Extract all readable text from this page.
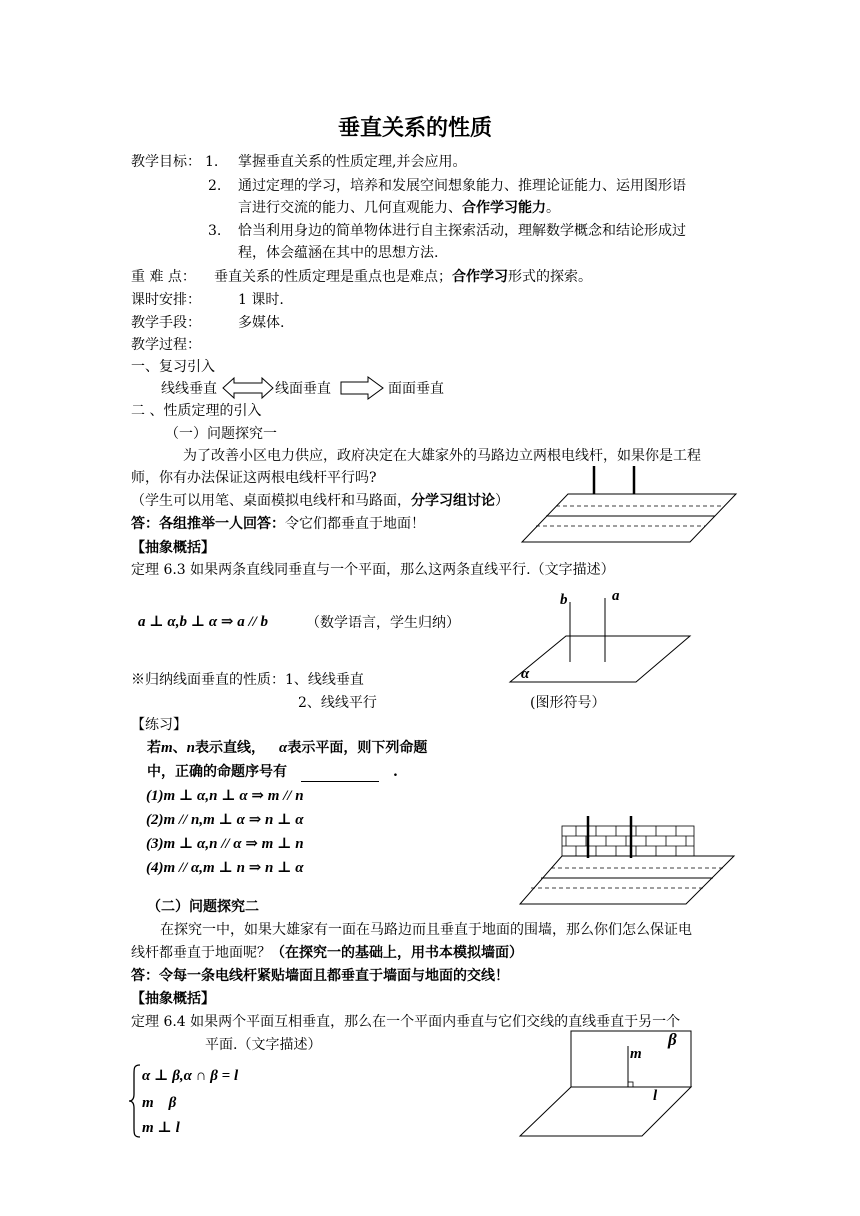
垂直关系的性质
教学目标： 1. 掌握垂直关系的性质定理,并会应用。
2. 通过定理的学习，培养和发展空间想象能力、推理论证能力、运用图形语
言进行交流的能力、几何直观能力、合作学习能力。
3. 恰当利用身边的简单物体进行自主探索活动，理解数学概念和结论形成过
程，体会蕴涵在其中的思想方法.
重 难 点： 垂直关系的性质定理是重点也是难点；合作学习形式的探索。
课时安排：	1 课时.
教学手段：	多媒体.
教学过程：
一、复习引入
线线垂直	线面垂直	面面垂直
二 、性质定理的引入
（一）问题探究一
为了改善小区电力供应，政府决定在大雄家外的马路边立两根电线杆，如果你是工程
师，你有办法保证这两根电线杆平行吗?
（学生可以用笔、桌面模拟电线杆和马路面，分学习组讨论）
答：各组推举一人回答：令它们都垂直于地面！
【抽象概括】
定理 6.3 如果两条直线同垂直与一个平面，那么这两条直线平行.（文字描述）
a ⊥ α,b ⊥ α ⇒ a // b	（数学语言，学生归纳）
b	a
α
※归纳线面垂直的性质：1、线线垂直
2、线线平行	(图形符号）
【练习】
若m、n表示直线， α表示平面，则下列命题
中，正确的命题序号有	.
(1)m ⊥ α,n ⊥ α ⇒ m // n
(2)m // n,m ⊥ α ⇒ n ⊥ α
(3)m ⊥ α,n // α ⇒ m ⊥ n
(4)m // α,m ⊥ n ⇒ n ⊥ α
（二）问题探究二
在探究一中，如果大雄家有一面在马路边而且垂直于地面的围墙，那么你们怎么保证电
线杆都垂直于地面呢？（在探究一的基础上，用书本模拟墙面）
答：令每一条电线杆紧贴墙面且都垂直于墙面与地面的交线！
【抽象概括】
定理 6.4 如果两个平面互相垂直，那么在一个平面内垂直与它们交线的直线垂直于另一个
平面.（文字描述）
α ⊥ β,α ∩ β = l
m    β
m ⊥ l
m
β
l
